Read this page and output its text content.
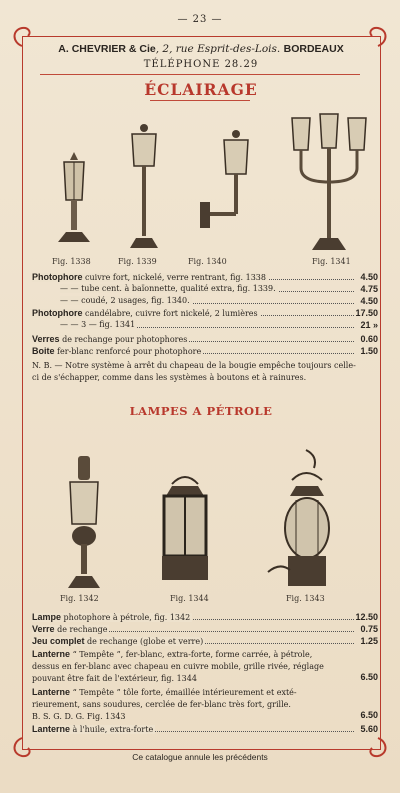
— 23 —
A. CHEVRIER & Cie, 2, rue Esprit-des-Lois. BORDEAUX
TÉLÉPHONE 28.29
ÉCLAIRAGE
Fig. 1338	Fig. 1339	Fig. 1340	Fig. 1341
Photophore cuivre fort, nickelé, verre rentrant, fig. 1338	4.50
— — tube cent. à baïonnette, qualité extra, fig. 1339.	4.75
— — coudé, 2 usages, fig. 1340.	4.50
Photophore candélabre, cuivre fort nickelé, 2 lumières	17.50
— — 3 — fig. 1341	21 »
Verres de rechange pour photophores	0.60
Boite fer-blanc renforcé pour photophore	1.50
N. B. — Notre système à arrêt du chapeau de la bougie empêche toujours celle-ci de s'échapper, comme dans les systèmes à boutons et à rainures.
LAMPES A PÉTROLE
Fig. 1342	Fig. 1344	Fig. 1343
Lampe photophore à pétrole, fig. 1342	12.50
Verre de rechange	0.75
Jeu complet de rechange (globe et verre)	1.25
Lanterne “ Tempête ”, fer-blanc, extra-forte, forme carrée, à pétrole,
dessus en fer-blanc avec chapeau en cuivre mobile, grille rivée, réglage
pouvant être fait de l'extérieur, fig. 1344	6.50
Lanterne “ Tempête ” tôle forte, émaillée intérieurement et exté-
rieurement, sans soudures, cerclée de fer-blanc très fort, grille.
B. S. G. D. G. Fig. 1343	6.50
Lanterne à l'huile, extra-forte	5.60
Ce catalogue annule les précédents
